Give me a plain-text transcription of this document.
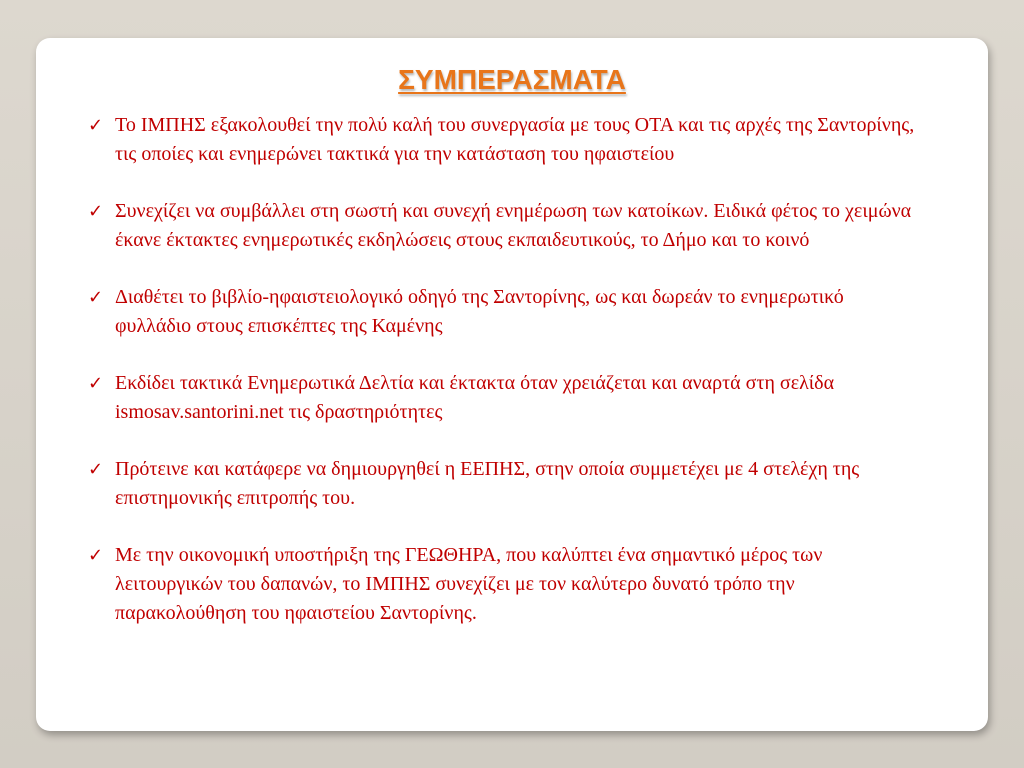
ΣΥΜΠΕΡΑΣΜΑΤΑ
✓ Το ΙΜΠΗΣ εξακολουθεί την πολύ καλή του συνεργασία με τους ΟΤΑ και τις αρχές της Σαντορίνης, τις οποίες και ενημερώνει τακτικά για την κατάσταση του ηφαιστείου
✓ Συνεχίζει να συμβάλλει στη σωστή και συνεχή ενημέρωση των κατοίκων. Ειδικά φέτος το χειμώνα έκανε έκτακτες ενημερωτικές εκδηλώσεις στους εκπαιδευτικούς, το Δήμο και το κοινό
✓ Διαθέτει το βιβλίο-ηφαιστειολογικό οδηγό της Σαντορίνης, ως και δωρεάν το ενημερωτικό φυλλάδιο στους επισκέπτες της Καμένης
✓ Εκδίδει τακτικά Ενημερωτικά Δελτία και έκτακτα όταν χρειάζεται και αναρτά στη σελίδα ismosav.santorini.net τις δραστηριότητες
✓ Πρότεινε και κατάφερε να δημιουργηθεί η ΕΕΠΗΣ, στην οποία συμμετέχει με 4 στελέχη της επιστημονικής επιτροπής του.
✓ Με την οικονομική υποστήριξη της ΓΕΩΘΗΡΑ, που καλύπτει ένα σημαντικό μέρος των λειτουργικών του δαπανών, το ΙΜΠΗΣ συνεχίζει με τον καλύτερο δυνατό τρόπο την παρακολούθηση του ηφαιστείου Σαντορίνης.
